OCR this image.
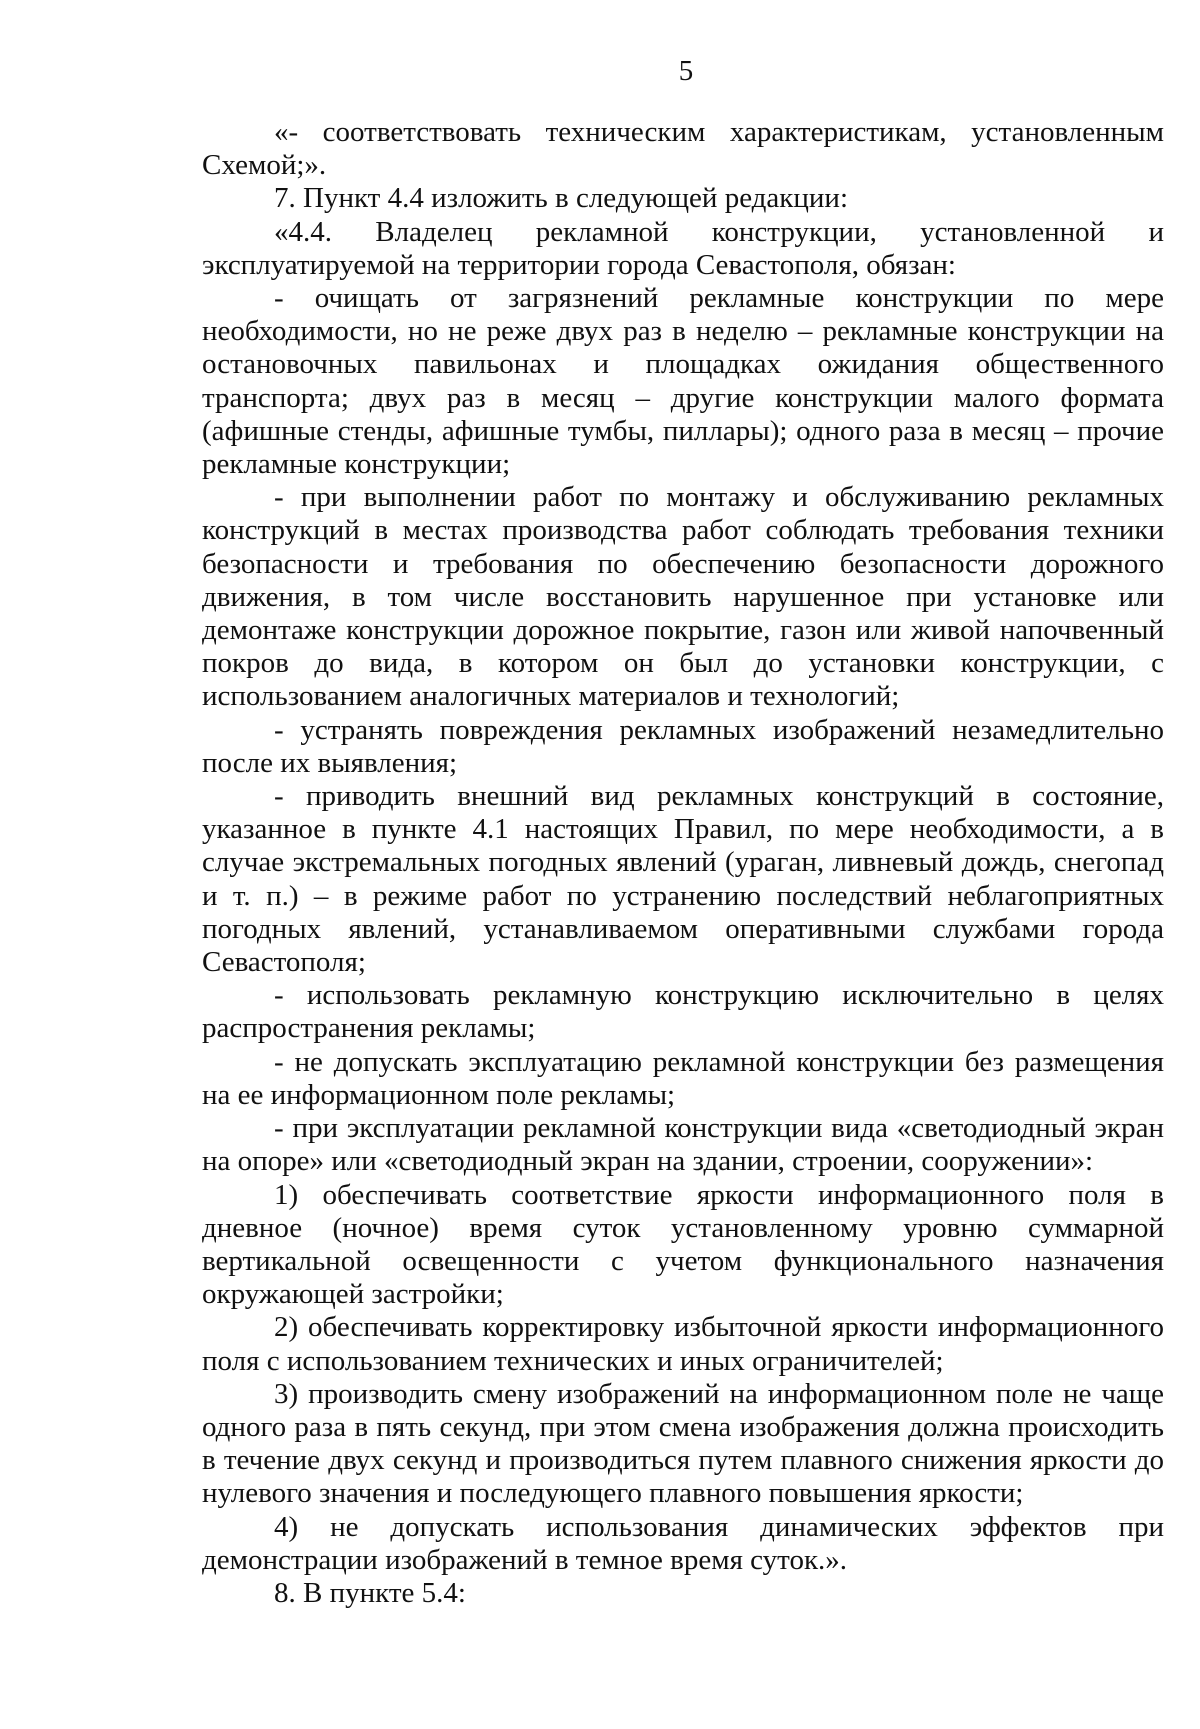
5

«- соответствовать техническим характеристикам, установленным Схемой;».

7. Пункт 4.4 изложить в следующей редакции:

«4.4. Владелец рекламной конструкции, установленной и эксплуатируемой на территории города Севастополя, обязан:

- очищать от загрязнений рекламные конструкции по мере необходимости, но не реже двух раз в неделю – рекламные конструкции на остановочных павильонах и площадках ожидания общественного транспорта; двух раз в месяц – другие конструкции малого формата (афишные стенды, афишные тумбы, пиллары); одного раза в месяц – прочие рекламные конструкции;

- при выполнении работ по монтажу и обслуживанию рекламных конструкций в местах производства работ соблюдать требования техники безопасности и требования по обеспечению безопасности дорожного движения, в том числе восстановить нарушенное при установке или демонтаже конструкции дорожное покрытие, газон или живой напочвенный покров до вида, в котором он был до установки конструкции, с использованием аналогичных материалов и технологий;

- устранять повреждения рекламных изображений незамедлительно после их выявления;

- приводить внешний вид рекламных конструкций в состояние, указанное в пункте 4.1 настоящих Правил, по мере необходимости, а в случае экстремальных погодных явлений (ураган, ливневый дождь, снегопад и т. п.) – в режиме работ по устранению последствий неблагоприятных погодных явлений, устанавливаемом оперативными службами города Севастополя;

- использовать рекламную конструкцию исключительно в целях распространения рекламы;

- не допускать эксплуатацию рекламной конструкции без размещения на ее информационном поле рекламы;

- при эксплуатации рекламной конструкции вида «светодиодный экран на опоре» или «светодиодный экран на здании, строении, сооружении»:

1) обеспечивать соответствие яркости информационного поля в дневное (ночное) время суток установленному уровню суммарной вертикальной освещенности с учетом функционального назначения окружающей застройки;

2) обеспечивать корректировку избыточной яркости информационного поля с использованием технических и иных ограничителей;

3) производить смену изображений на информационном поле не чаще одного раза в пять секунд, при этом смена изображения должна происходить в течение двух секунд и производиться путем плавного снижения яркости до нулевого значения и последующего плавного повышения яркости;

4) не допускать использования динамических эффектов при демонстрации изображений в темное время суток.».

8. В пункте 5.4:
